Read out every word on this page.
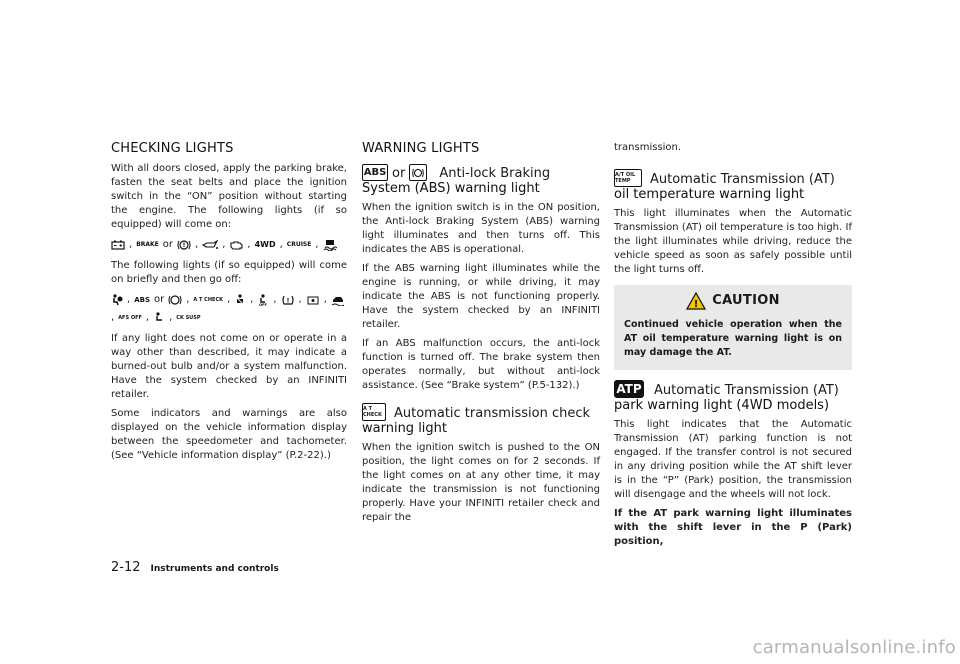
CHECKING LIGHTS

With all doors closed, apply the parking brake, fasten the seat belts and place the ignition switch in the “ON” position without starting the engine. The following lights (if so equipped) will come on:

, BRAKE or ! , , , 4WD , CRUISE ,

The following lights (if so equipped) will come on briefly and then go off:

, ABS or , A T CHECK , , OFF , ! , ,
, AFS OFF , , CK SUSP

If any light does not come on or operate in a way other than described, it may indicate a burned-out bulb and/or a system malfunction. Have the system checked by an INFINITI retailer.

Some indicators and warnings are also displayed on the vehicle information display between the speedometer and tachometer. (See “Vehicle information display” (P.2-22).)

WARNING LIGHTS
ABS or	Anti-lock Braking
System (ABS) warning light

When the ignition switch is in the ON position, the Anti-lock Braking System (ABS) warning light illuminates and then turns off. This indicates the ABS is operational.

If the ABS warning light illuminates while the engine is running, or while driving, it may indicate the ABS is not functioning properly. Have the system checked by an INFINITI retailer.

If an ABS malfunction occurs, the anti-lock function is turned off. The brake system then operates normally, but without anti-lock assistance. (See “Brake system” (P.5-132).)

A T CHECK Automatic transmission check
warning light

When the ignition switch is pushed to the ON position, the light comes on for 2 seconds. If the light comes on at any other time, it may indicate the transmission is not functioning properly. Have your INFINITI retailer check and repair the

transmission.

A/T OIL TEMP	Automatic Transmission (AT)
oil temperature warning light

This light illuminates when the Automatic Transmission (AT) oil temperature is too high. If the light illuminates while driving, reduce the vehicle speed as soon as safely possible until the light turns off.

! CAUTION

Continued vehicle operation when the AT oil temperature warning light is on may damage the AT.

ATP Automatic Transmission (AT)
park warning light (4WD models)

This light indicates that the Automatic Transmission (AT) parking function is not engaged. If the transfer control is not secured in any driving position while the AT shift lever is in the “P” (Park) position, the transmission will disengage and the wheels will not lock.

If the AT park warning light illuminates with the shift lever in the P (Park) position,

2-12 Instruments and controls
carmanualsonline.info
